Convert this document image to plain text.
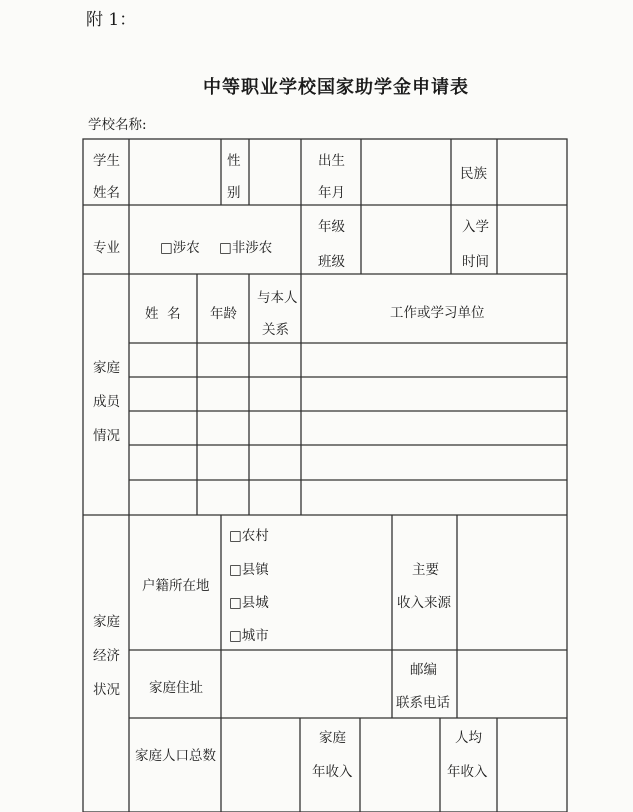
附 1：
中等职业学校国家助学金申请表
学校名称:
学生
姓名
性
别
出生
年月
民族
专业	□涉农 □非涉农
年级
班级
入学
时间
家庭
成员
情况
姓  名 年龄
与本人
关系
工作或学习单位
家庭
经济
状况
户籍所在地
□农村
□县镇
□县城
□城市
主要
收入来源
家庭住址
邮编
联系电话
家庭人口总数
家庭
年收入
人均
年收入
